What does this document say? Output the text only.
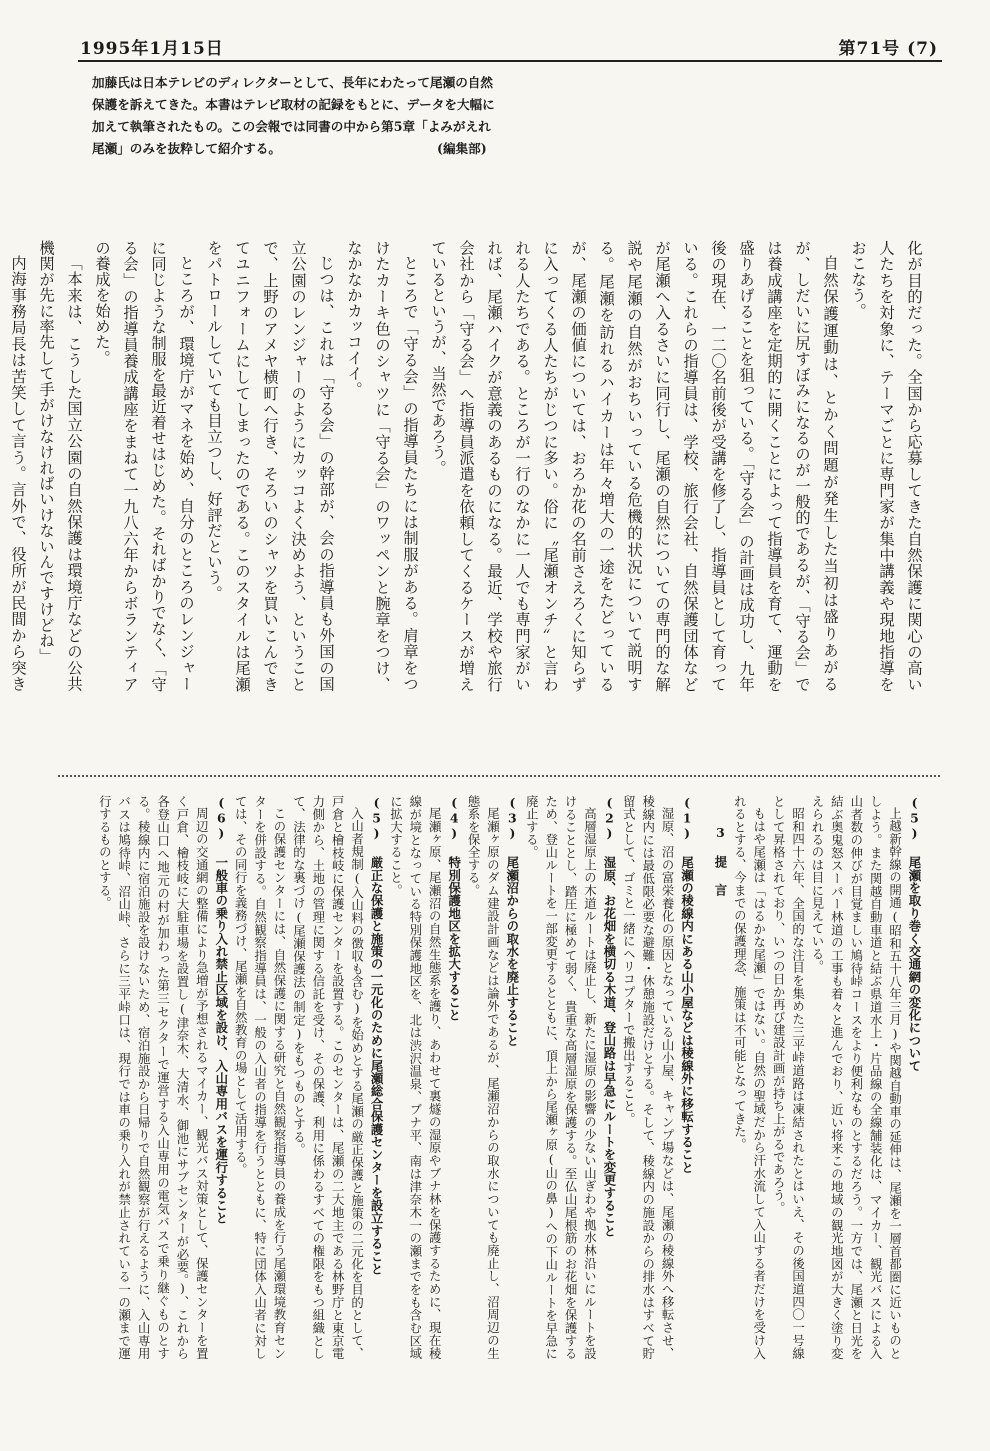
1995年1月15日	第71号 (7)

加藤氏は日本テレビのディレクターとして、長年にわたって尾瀬の自然保護を訴えてきた。本書はテレビ取材の記録をもとに、データを大幅に加えて執筆されたもの。この会報では同書の中から第5章「よみがえれ尾瀬」のみを抜粋して紹介する。	(編集部)

化が目的だった。全国から応募してきた自然保護に関心の高い人たちを対象に、テーマごとに専門家が集中講義や現地指導をおこなう。

自然保護運動は、とかく問題が発生した当初は盛りあがるが、しだいに尻すぼみになるのが一般的であるが、「守る会」では養成講座を定期的に開くことによって指導員を育て、運動を盛りあげることを狙っている。「守る会」の計画は成功し、九年後の現在、一二〇名前後が受講を修了し、指導員として育っている。これらの指導員は、学校、旅行会社、自然保護団体などが尾瀬へ入るさいに同行し、尾瀬の自然についての専門的な解説や尾瀬の自然がおちいっている危機的状況について説明する。尾瀬を訪れるハイカーは年々増大の一途をたどっているが、尾瀬の価値については、おろか花の名前さえろくに知らずに入ってくる人たちがじつに多い。俗に〝尾瀬オンチ〟と言われる人たちである。ところが一行のなかに一人でも専門家がいれば、尾瀬ハイクが意義のあるものになる。最近、学校や旅行会社から「守る会」へ指導員派遣を依頼してくるケースが増えているというが、当然であろう。

ところで「守る会」の指導員たちには制服がある。肩章をつけたカーキ色のシャツに「守る会」のワッペンと腕章をつけ、なかなかカッコイイ。

じつは、これは「守る会」の幹部が、会の指導員も外国の国立公園のレンジャーのようにカッコよく決めよう、ということで、上野のアメヤ横町へ行き、そろいのシャツを買いこんできてユニフォームにしてしまったのである。このスタイルは尾瀬をパトロールしていても目立つし、好評だという。

ところが、環境庁がマネを始め、自分のところのレンジャーに同じような制服を最近着せはじめた。そればかりでなく、「守る会」の指導員養成講座をまねて一九八六年からボランティアの養成を始めた。

「本来は、こうした国立公園の自然保護は環境庁などの公共機関が先に率先して手がけなければいけないんですけどね」

内海事務局長は苦笑して言う。言外で、役所が民間から突き

(5) 尾瀬を取り巻く交通網の変化について

上越新幹線の開通(昭和五十八年三月)や関越自動車の延伸は、尾瀬を一層首都圏に近いものとしよう。また関越自動車道と結ぶ県道水上・片品線の全線舗装化は、マイカー、観光バスによる入山者数の伸びが目覚ましい鳩待峠コースをより便利なものとするだろう。一方では、尾瀬と日光を結ぶ奥鬼怒スーパー林道の工事も着々と進んでおり、近い将来この地域の観光地図が大きく塗り変えられるのは目に見えている。

昭和四十六年、全国的な注目を集めた三平峠道路は凍結されたとはいえ、その後国道四〇一号線として昇格されており、いつの日か再び建設計画が持ち上がるであろう。

もはや尾瀬は「はるかな尾瀬」ではない。自然の聖域だから汗水流して入山する者だけを受け入れるとする、今までの保護理念、施策は不可能となってきた。

3 提 言

(1) 尾瀬の稜線内にある山小屋などは稜線外に移転すること

湿原、沼の富栄養化の原因となっている山小屋、キャンプ場などは、尾瀬の稜線外へ移転させ、稜線内には最低限必要な避難・休憩施設だけとする。そして、稜線内の施設からの排水はすべて貯留式として、ゴミと一緒にヘリコプターで搬出すること。

(2) 湿原、お花畑を横切る木道、登山路は早急にルートを変更すること

高層湿原上の木道ルートは廃止し、新たに湿原の影響の少ない山ぎわや拠水林沿いにルートを設けることとし、踏圧に極めて弱く、貴重な高層湿原を保護する。至仏山尾根筋のお花畑を保護するため、登山ルートを一部変更するとともに、頂上から尾瀬ヶ原(山の鼻)への下山ルートを早急に廃止する。

(3) 尾瀬沼からの取水を廃止すること

尾瀬ヶ原のダム建設計画などは論外であるが、尾瀬沼からの取水についても廃止し、沼周辺の生態系を保全する。

(4) 特別保護地区を拡大すること

尾瀬ヶ原、尾瀬沼の自然生態系を護り、あわせて裏燧の湿原やブナ林を保護するために、現在稜線が境となっている特別保護地区を、北は渋沢温泉、ブナ平、南は津奈木一の瀬までをも含む区域に拡大すること。

(5) 厳正な保護と施策の一元化のために尾瀬総合保護センターを設立すること

入山者規制(入山料の徴収も含む)を始めとする尾瀬の厳正保護と施策の二元化を目的として、戸倉と檜枝岐に保護センターを設置する。このセンターは、尾瀬の二大地主である林野庁と東京電力側から、土地の管理に関する信託を受け、その保護、利用に係わるすべての権限をもつ組織として、法律的な裏づけ(尾瀬保護法の制定)をもつものとする。

この保護センターには、自然保護に関する研究と自然観察指導員の養成を行う尾瀬環境教育センターを併設する。自然観察指導員は、一般の入山者の指導を行うとともに、特に団体入山者に対しては、その同行を義務づけ、尾瀬を自然教育の場として活用する。

(6) 一般車の乗り入れ禁止区域を設け、入山専用バスを運行すること

周辺の交通網の整備により急増が予想されるマイカー、観光バス対策として、保護センターを置く戸倉、檜枝岐に大駐車場を設置し(津奈木、大清水、御池にサブセンターが必要。)、これから各登山口へ地元の村が加わった第三セクターで運営する入山専用の電気バスで乗り継ぐものとする。稜線内に宿泊施設を設けないため、宿泊施設から日帰りで自然観察が行えるように、入山専用バスは鳩待峠、沼山峠、さらに三平峠口は、現行では車の乗り入れが禁止されている一の瀬まで運行するものとする。
